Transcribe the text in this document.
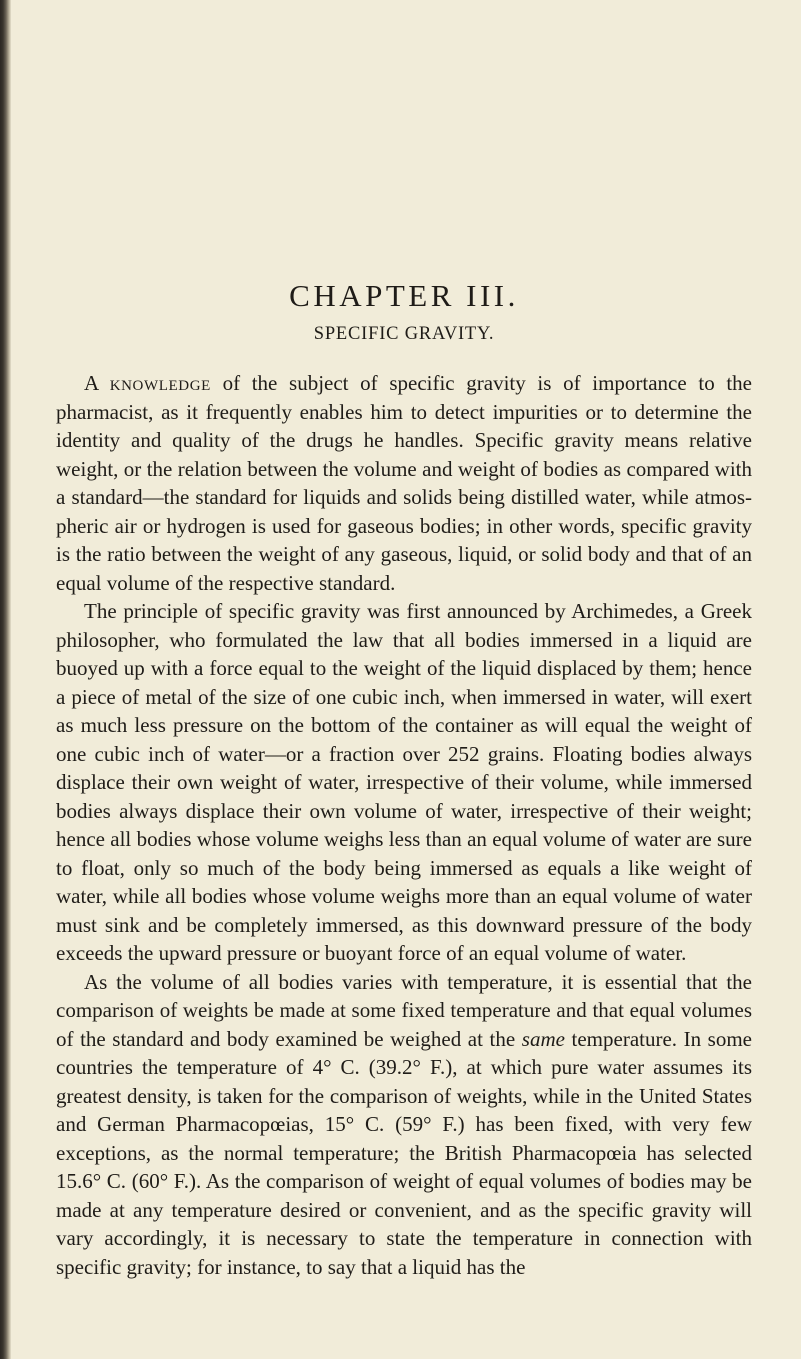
CHAPTER III.
SPECIFIC GRAVITY.

A knowledge of the subject of specific gravity is of importance to the pharmacist, as it frequently enables him to detect impurities or to determine the identity and quality of the drugs he handles. Specific gravity means relative weight, or the relation between the volume and weight of bodies as compared with a standard—the standard for liquids and solids being distilled water, while atmospheric air or hydrogen is used for gaseous bodies; in other words, specific gravity is the ratio between the weight of any gaseous, liquid, or solid body and that of an equal volume of the respective standard.

The principle of specific gravity was first announced by Archimedes, a Greek philosopher, who formulated the law that all bodies immersed in a liquid are buoyed up with a force equal to the weight of the liquid displaced by them; hence a piece of metal of the size of one cubic inch, when immersed in water, will exert as much less pressure on the bottom of the container as will equal the weight of one cubic inch of water—or a fraction over 252 grains. Floating bodies always displace their own weight of water, irrespective of their volume, while immersed bodies always displace their own volume of water, irrespective of their weight; hence all bodies whose volume weighs less than an equal volume of water are sure to float, only so much of the body being immersed as equals a like weight of water, while all bodies whose volume weighs more than an equal volume of water must sink and be completely immersed, as this downward pressure of the body exceeds the upward pressure or buoyant force of an equal volume of water.

As the volume of all bodies varies with temperature, it is essential that the comparison of weights be made at some fixed temperature and that equal volumes of the standard and body examined be weighed at the same temperature. In some countries the temperature of 4° C. (39.2° F.), at which pure water assumes its greatest density, is taken for the comparison of weights, while in the United States and German Pharmacopœias, 15° C. (59° F.) has been fixed, with very few exceptions, as the normal temperature; the British Pharmacopœia has selected 15.6° C. (60° F.). As the comparison of weight of equal volumes of bodies may be made at any temperature desired or convenient, and as the specific gravity will vary accordingly, it is necessary to state the temperature in connection with specific gravity; for instance, to say that a liquid has the
